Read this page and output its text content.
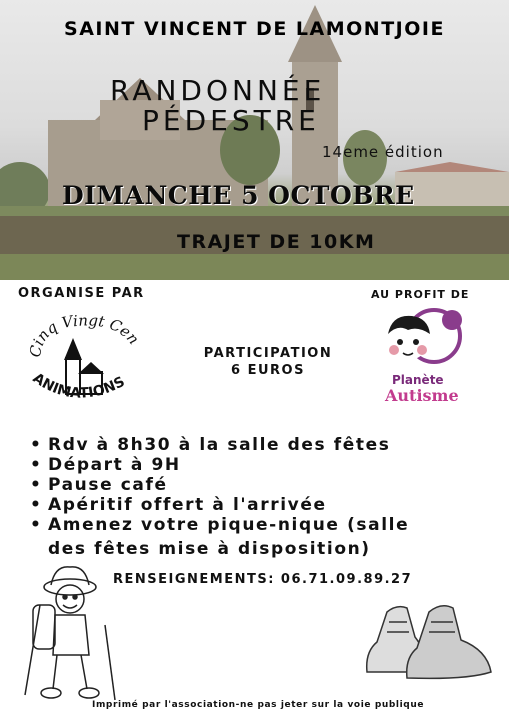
SAINT VINCENT DE LAMONTJOIE
RANDONNÉE
PÉDESTRE
14eme édition
DIMANCHE 5 OCTOBRE
TRAJET DE 10KM
ORGANISE PAR	AU PROFIT DE
Cinq Vingt Cen
ANIMATIONS	Planète
Autisme
PARTICIPATION
6 EUROS
• Rdv à 8h30 à la salle des fêtes
• Départ à 9H
• Pause café
• Apéritif offert à l'arrivée
• Amenez votre pique-nique (salle
des fêtes mise à disposition)
RENSEIGNEMENTS: 06.71.09.89.27
Imprimé par l'association-ne pas jeter sur la voie publique
